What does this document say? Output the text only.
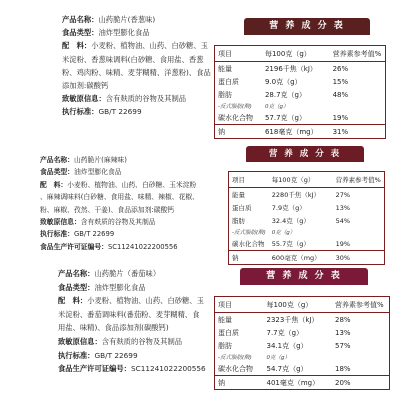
产品名称：山药脆片(香葱味)
食品类型：油炸型膨化食品
配　料：小麦粉、植物油、山药、白砂糖、玉
米淀粉、香葱味调料(白砂糖、食用盐、香葱
粉、鸡肉粉、味精、麦芽糊精、洋葱粉)、食品
添加剂:碳酸钙
致敏原信息：含有麸质的谷物及其制品
执行标准：GB/T 22699
营 养 成 分 表
项目	每100克（g）	营养素参考值%
能量	2196千焦（kJ）	26%
蛋白质	9.0克（g）	15%
脂肪	28.7克（g）	48%
-反式脂肪(酸)	0克（g）	
碳水化合物	57.7克（g）	19%
钠	618毫克（mg）	31%
产品名称：山药脆片(麻辣味)
食品类型：油炸型膨化食品
配　料：小麦粉、植物油、山药、白砂糖、玉米淀粉
、麻辣调味料(白砂糖、食用盐、味精、辣椒、花椒、
粉、麻椒、孜然、干姜)、食品添加剂:碳酸钙
致敏原信息：含有麸质的谷物及其制品
执行标准：GB/T 22699
食品生产许可证编号：SC11241022200556
营 养 成 分 表
项目	每100克（g）	营养素参考值%
能量	2280千焦（kJ）	27%
蛋白质	7.9克（g）	13%
脂肪	32.4克（g）	54%
-反式脂肪(酸)	0克（g）	
碳水化合物	55.7克（g）	19%
钠	600毫克（mg）	30%
产品名称：山药脆片（番茄味）
食品类型：油炸型膨化食品
配　料：小麦粉、植物油、山药、白砂糖、玉
米淀粉、番茄调味料(番茄粉、麦芽糊精、食
用盐、味精)、食品添加剂(碳酸钙)
致敏原信息：含有麸质的谷物及其制品
执行标准：GB/T 22699
食品生产许可证编号：SC11241022200556
营 养 成 分 表
项目	每100克（g）	营养素参考值%
能量	2323千焦（kJ）	28%
蛋白质	7.7克（g）	13%
脂肪	34.1克（g）	57%
-反式脂肪(酸)	0克（g）	
碳水化合物	54.7克（g）	18%
钠	401毫克（mg）	20%
